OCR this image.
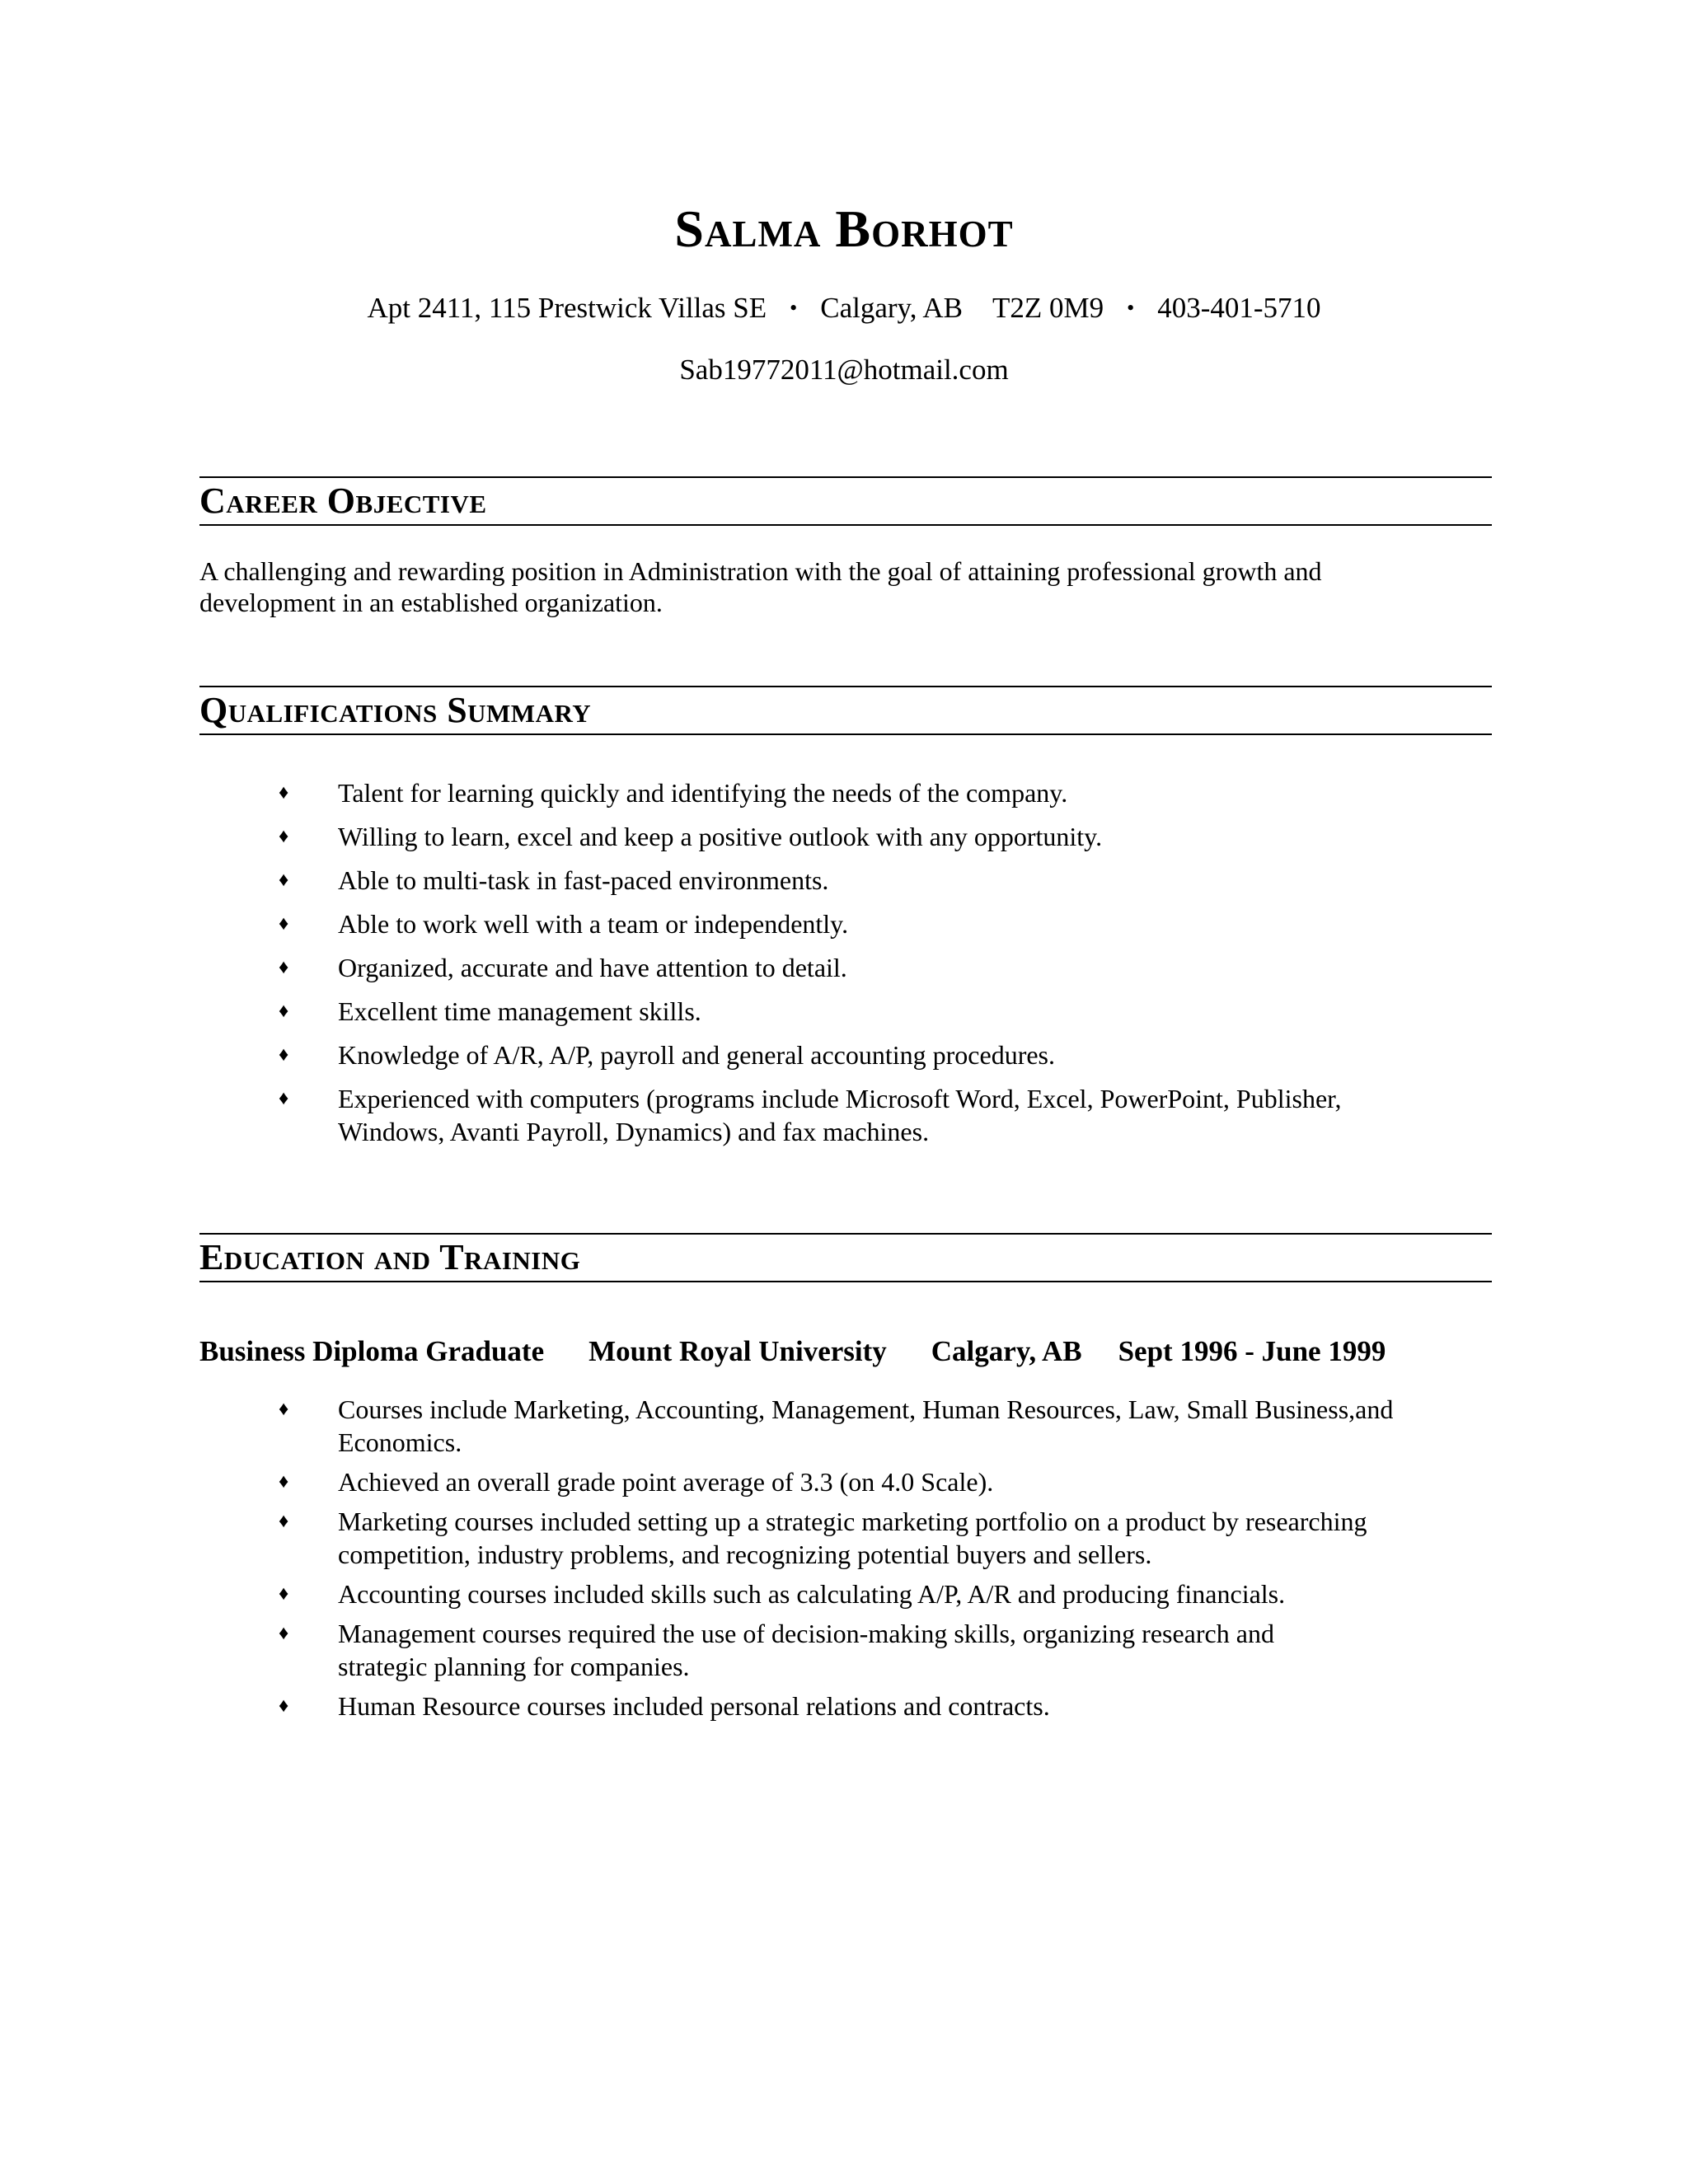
Salma Borhot
Apt 2411, 115 Prestwick Villas SE • Calgary, AB T2Z 0M9 • 403-401-5710
Sab19772011@hotmail.com
Career Objective

A challenging and rewarding position in Administration with the goal of attaining professional growth and

development in an established organization.

Qualifications Summary
♦ Talent for learning quickly and identifying the needs of the company.
♦ Willing to learn, excel and keep a positive outlook with any opportunity.
♦ Able to multi-task in fast-paced environments.
♦ Able to work well with a team or independently.
♦ Organized, accurate and have attention to detail.
♦ Excellent time management skills.
♦ Knowledge of A/R, A/P, payroll and general accounting procedures.
♦ Experienced with computers (programs include Microsoft Word, Excel, PowerPoint, Publisher,
Windows, Avanti Payroll, Dynamics) and fax machines.
Education and Training

Business Diploma Graduate Mount Royal University Calgary, AB Sept 1996 - June 1999

♦ Courses include Marketing, Accounting, Management, Human Resources, Law, Small Business,and
Economics.
♦ Achieved an overall grade point average of 3.3 (on 4.0 Scale).
♦ Marketing courses included setting up a strategic marketing portfolio on a product by researching
competition, industry problems, and recognizing potential buyers and sellers.
♦ Accounting courses included skills such as calculating A/P, A/R and producing financials.
♦ Management courses required the use of decision-making skills, organizing research and
strategic planning for companies.
♦ Human Resource courses included personal relations and contracts.
